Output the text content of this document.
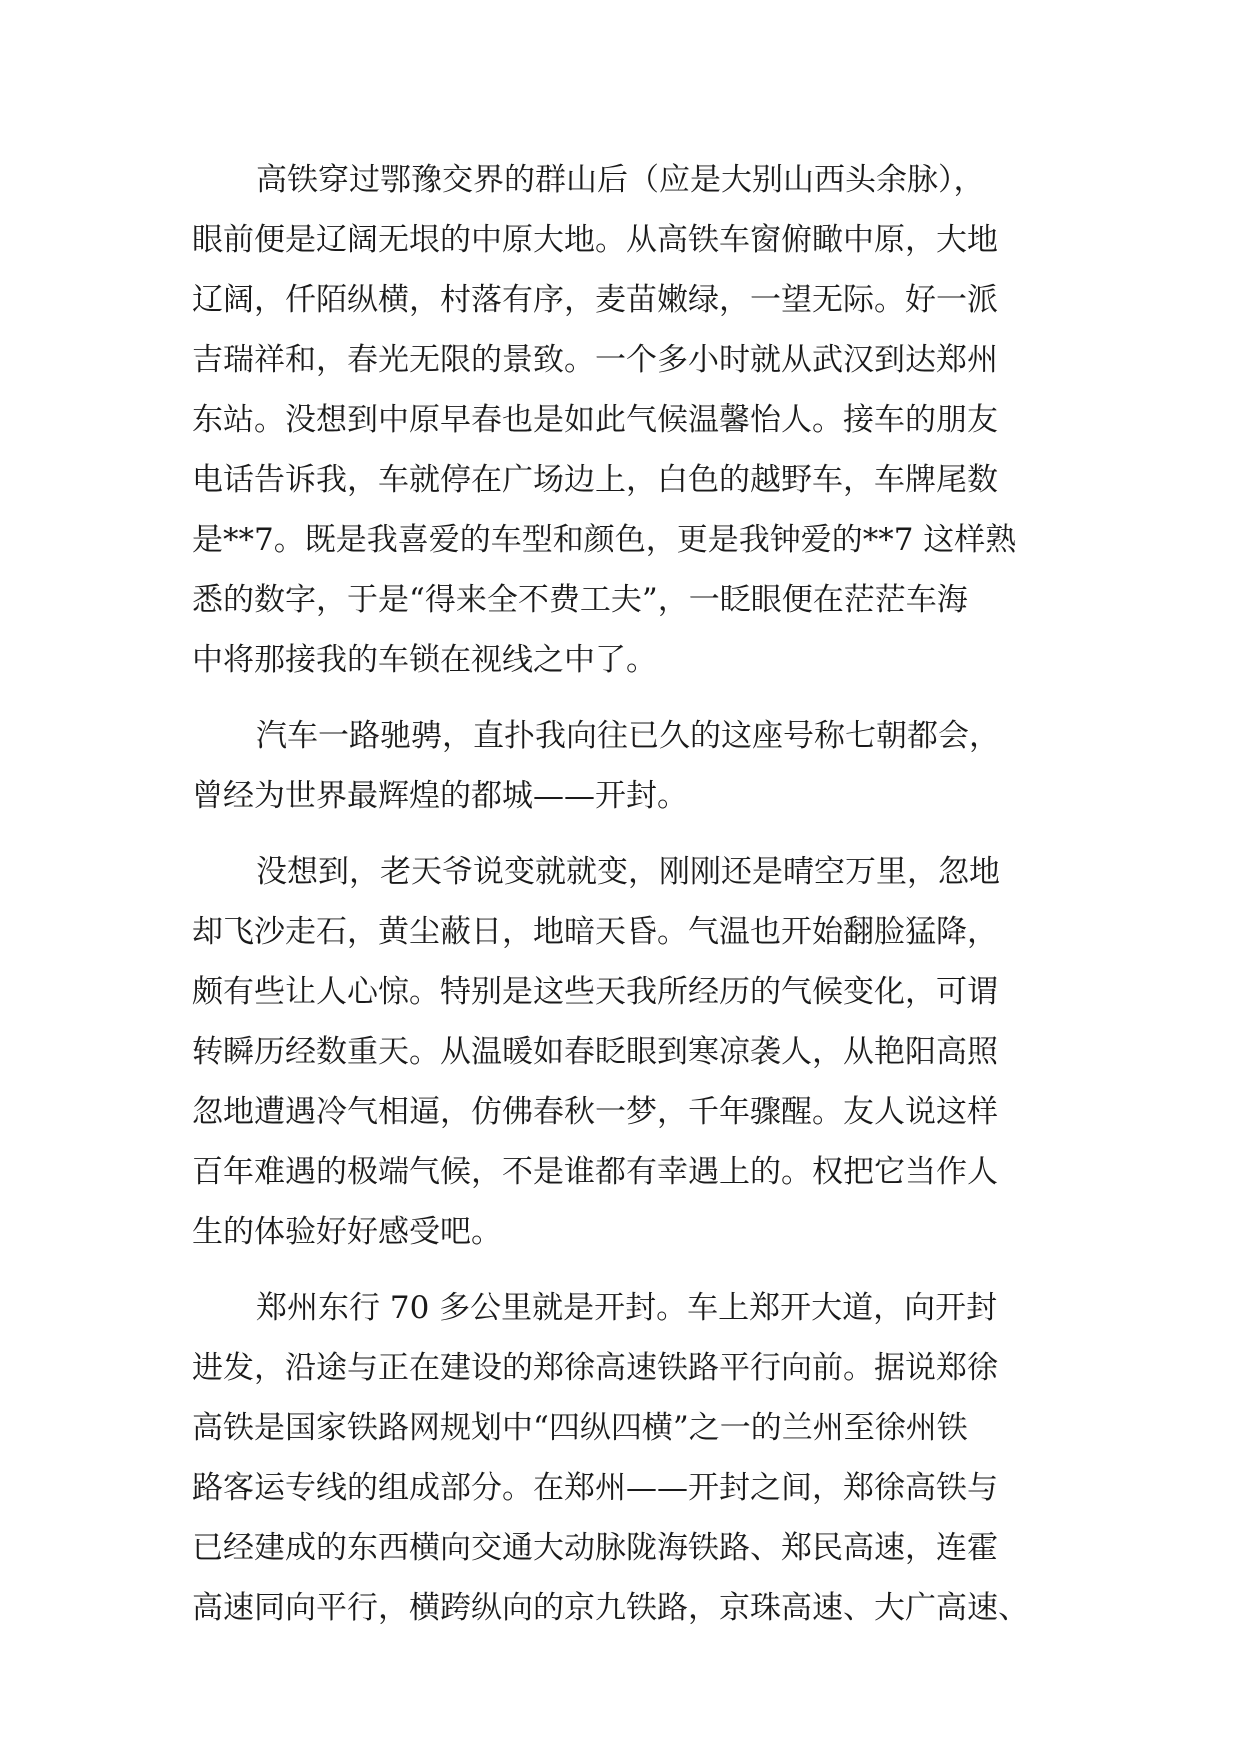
高铁穿过鄂豫交界的群山后（应是大别山西头余脉），
眼前便是辽阔无垠的中原大地。从高铁车窗俯瞰中原，大地
辽阔，仟陌纵横，村落有序，麦苗嫩绿，一望无际。好一派
吉瑞祥和，春光无限的景致。一个多小时就从武汉到达郑州
东站。没想到中原早春也是如此气候温馨怡人。接车的朋友
电话告诉我，车就停在广场边上，白色的越野车，车牌尾数
是**7。既是我喜爱的车型和颜色，更是我钟爱的**7 这样熟
悉的数字，于是“得来全不费工夫”，一眨眼便在茫茫车海
中将那接我的车锁在视线之中了。

汽车一路驰骋，直扑我向往已久的这座号称七朝都会，
曾经为世界最辉煌的都城——开封。

没想到，老天爷说变就就变，刚刚还是晴空万里，忽地
却飞沙走石，黄尘蔽日，地暗天昏。气温也开始翻脸猛降，
颇有些让人心惊。特别是这些天我所经历的气候变化，可谓
转瞬历经数重天。从温暖如春眨眼到寒凉袭人，从艳阳高照
忽地遭遇冷气相逼，仿佛春秋一梦，千年骤醒。友人说这样
百年难遇的极端气候，不是谁都有幸遇上的。权把它当作人
生的体验好好感受吧。

郑州东行 70 多公里就是开封。车上郑开大道，向开封
进发，沿途与正在建设的郑徐高速铁路平行向前。据说郑徐
高铁是国家铁路网规划中“四纵四横”之一的兰州至徐州铁
路客运专线的组成部分。在郑州——开封之间，郑徐高铁与
已经建成的东西横向交通大动脉陇海铁路、郑民高速，连霍
高速同向平行，横跨纵向的京九铁路，京珠高速、大广高速、
